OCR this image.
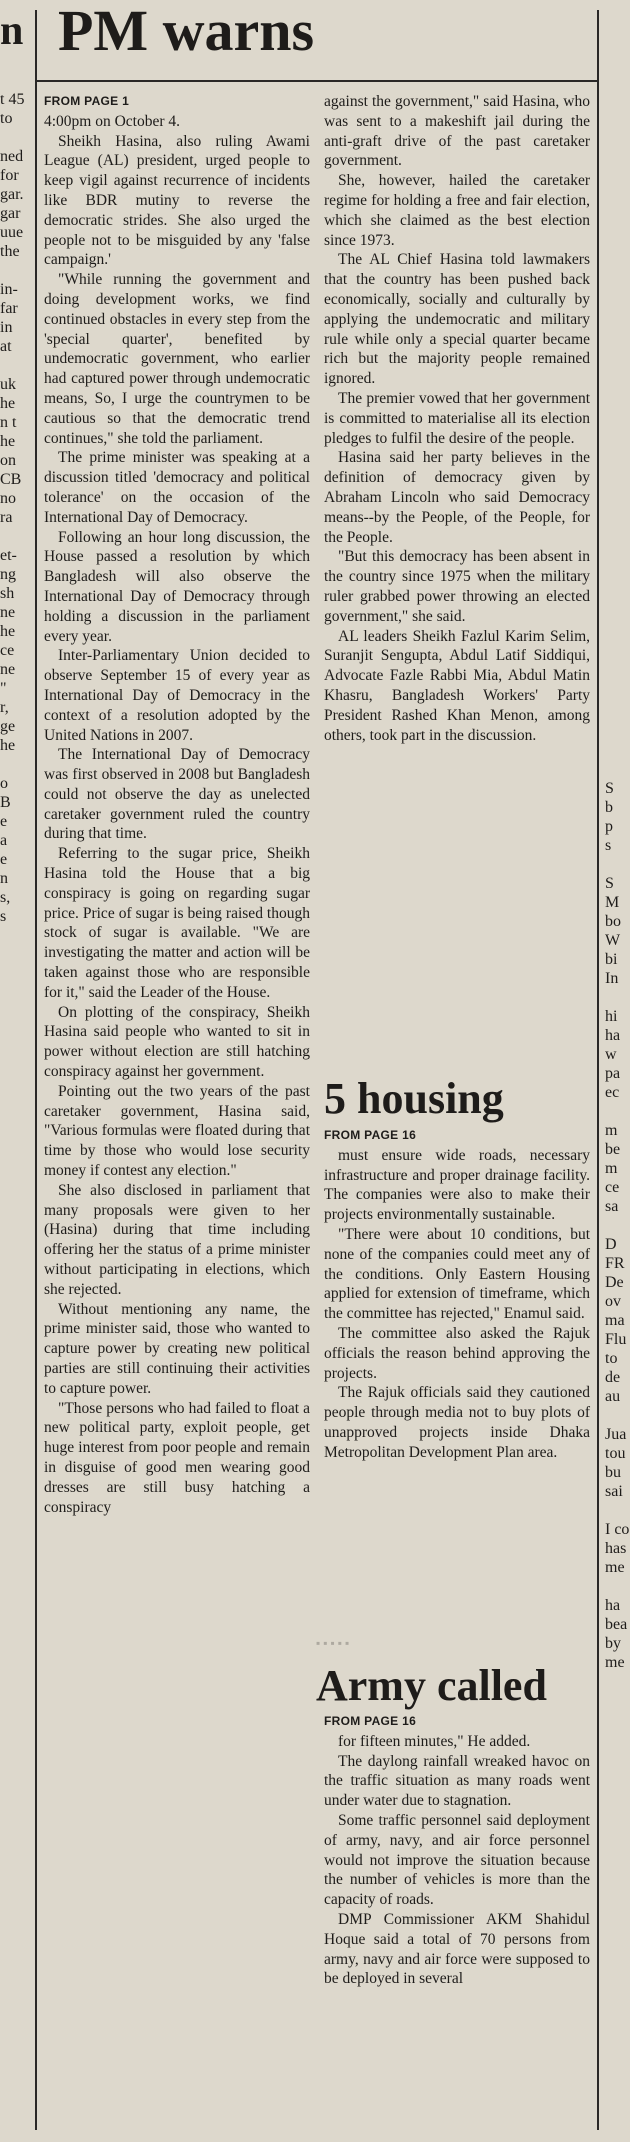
n
t 45
to
ned
for
gar.
gar
uue
the
in-
far
in
at
uk
he
n t
he
on
CB
no
ra
et-
ng
sh
ne
he
ce
ne
"
r,
ge
he
o
B
e
a
e
n
s,
s
PM warns

FROM PAGE 1

4:00pm on October 4.

Sheikh Hasina, also ruling Awami League (AL) president, urged people to keep vigil against recurrence of incidents like BDR mutiny to reverse the democratic strides. She also urged the people not to be misguided by any 'false campaign.'

"While running the government and doing development works, we find continued obstacles in every step from the 'special quarter', benefited by undemocratic government, who earlier had captured power through undemocratic means, So, I urge the countrymen to be cautious so that the democratic trend continues," she told the parliament.

The prime minister was speaking at a discussion titled 'democracy and political tolerance' on the occasion of the International Day of Democracy.

Following an hour long discussion, the House passed a resolution by which Bangladesh will also observe the International Day of Democracy through holding a discussion in the parliament every year.

Inter-Parliamentary Union decided to observe September 15 of every year as International Day of Democracy in the context of a resolution adopted by the United Nations in 2007.

The International Day of Democracy was first observed in 2008 but Bangladesh could not observe the day as unelected caretaker government ruled the country during that time.

Referring to the sugar price, Sheikh Hasina told the House that a big conspiracy is going on regarding sugar price. Price of sugar is being raised though stock of sugar is available. "We are investigating the matter and action will be taken against those who are responsible for it," said the Leader of the House.

On plotting of the conspiracy, Sheikh Hasina said people who wanted to sit in power without election are still hatching conspiracy against her government.

Pointing out the two years of the past caretaker government, Hasina said, "Various formulas were floated during that time by those who would lose security money if contest any election."

She also disclosed in parliament that many proposals were given to her (Hasina) during that time including offering her the status of a prime minister without participating in elections, which she rejected.

Without mentioning any name, the prime minister said, those who wanted to capture power by creating new political parties are still continuing their activities to capture power.

"Those persons who had failed to float a new political party, exploit people, get huge interest from poor people and remain in disguise of good men wearing good dresses are still busy hatching a conspiracy

against the government," said Hasina, who was sent to a makeshift jail during the anti-graft drive of the past caretaker government.

She, however, hailed the caretaker regime for holding a free and fair election, which she claimed as the best election since 1973.

The AL Chief Hasina told lawmakers that the country has been pushed back economically, socially and culturally by applying the undemocratic and military rule while only a special quarter became rich but the majority people remained ignored.

The premier vowed that her government is committed to materialise all its election pledges to fulfil the desire of the people.

Hasina said her party believes in the definition of democracy given by Abraham Lincoln who said Democracy means--by the People, of the People, for the People.

"But this democracy has been absent in the country since 1975 when the military ruler grabbed power throwing an elected government," she said.

AL leaders Sheikh Fazlul Karim Selim, Suranjit Sengupta, Abdul Latif Siddiqui, Advocate Fazle Rabbi Mia, Abdul Matin Khasru, Bangladesh Workers' Party President Rashed Khan Menon, among others, took part in the discussion.

5 housing

FROM PAGE 16

must ensure wide roads, necessary infrastructure and proper drainage facility. The companies were also to make their projects environmentally sustainable.

"There were about 10 conditions, but none of the companies could meet any of the conditions. Only Eastern Housing applied for extension of timeframe, which the committee has rejected," Enamul said.

The committee also asked the Rajuk officials the reason behind approving the projects.

The Rajuk officials said they cautioned people through media not to buy plots of unapproved projects inside Dhaka Metropolitan Development Plan area.

▪ ▪ ▪ ▪ ▪
Army called

FROM PAGE 16

for fifteen minutes," He added.

The daylong rainfall wreaked havoc on the traffic situation as many roads went under water due to stagnation.

Some traffic personnel said deployment of army, navy, and air force personnel would not improve the situation because the number of vehicles is more than the capacity of roads.

DMP Commissioner AKM Shahidul Hoque said a total of 70 persons from army, navy and air force were supposed to be deployed in several

S
b
p
s
S
M
bo
W
bi
In
hi
ha
w
pa
ec
m
be
m
ce
sa
D
FR
De
ov
ma
Flu
to
de
au
Jua
tou
bu
sai
I co
has
me
ha
bea
by
me
